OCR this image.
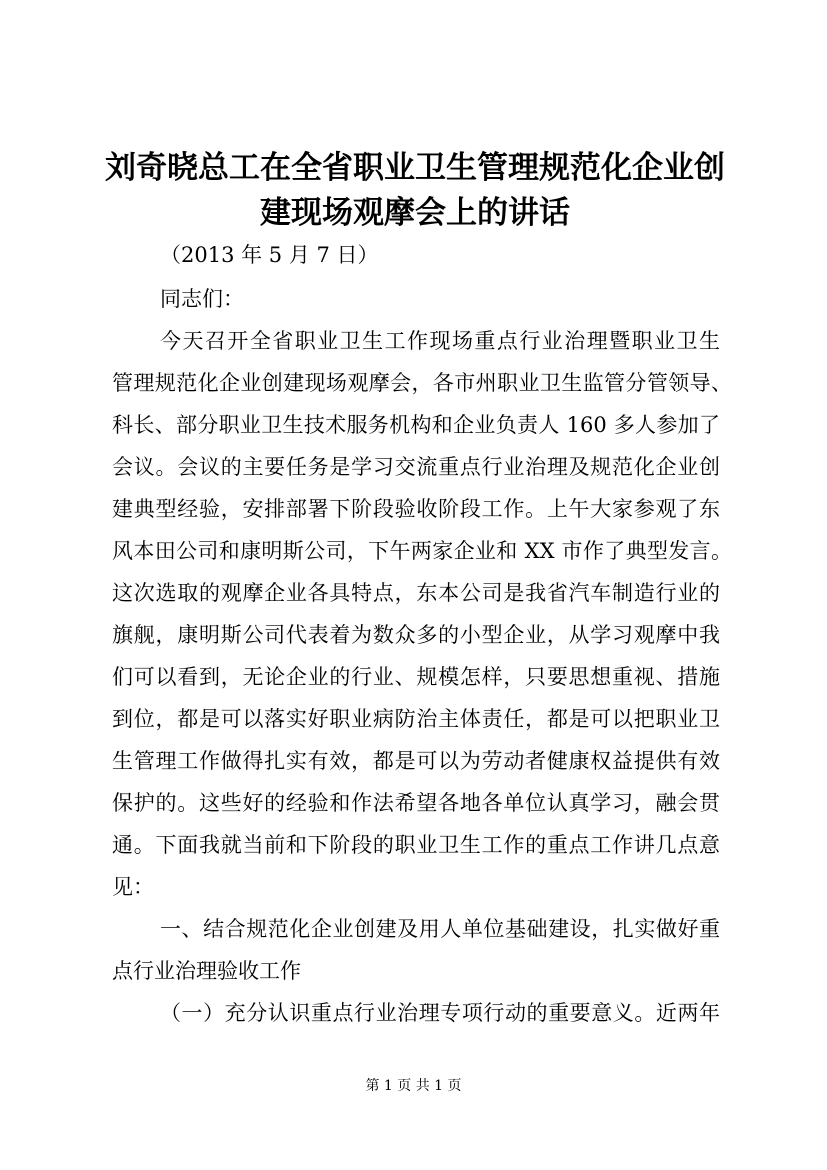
刘奇晓总工在全省职业卫生管理规范化企业创
建现场观摩会上的讲话
（2013 年 5 月 7 日）
同志们：
今天召开全省职业卫生工作现场重点行业治理暨职业卫生
管理规范化企业创建现场观摩会，各市州职业卫生监管分管领导、
科长、部分职业卫生技术服务机构和企业负责人 160 多人参加了
会议。会议的主要任务是学习交流重点行业治理及规范化企业创
建典型经验，安排部署下阶段验收阶段工作。上午大家参观了东
风本田公司和康明斯公司，下午两家企业和 XX 市作了典型发言。
这次选取的观摩企业各具特点，东本公司是我省汽车制造行业的
旗舰，康明斯公司代表着为数众多的小型企业，从学习观摩中我
们可以看到，无论企业的行业、规模怎样，只要思想重视、措施
到位，都是可以落实好职业病防治主体责任，都是可以把职业卫
生管理工作做得扎实有效，都是可以为劳动者健康权益提供有效
保护的。这些好的经验和作法希望各地各单位认真学习，融会贯
通。下面我就当前和下阶段的职业卫生工作的重点工作讲几点意
见：
一、结合规范化企业创建及用人单位基础建设，扎实做好重
点行业治理验收工作
（一）充分认识重点行业治理专项行动的重要意义。近两年
第 1 页 共 1 页
